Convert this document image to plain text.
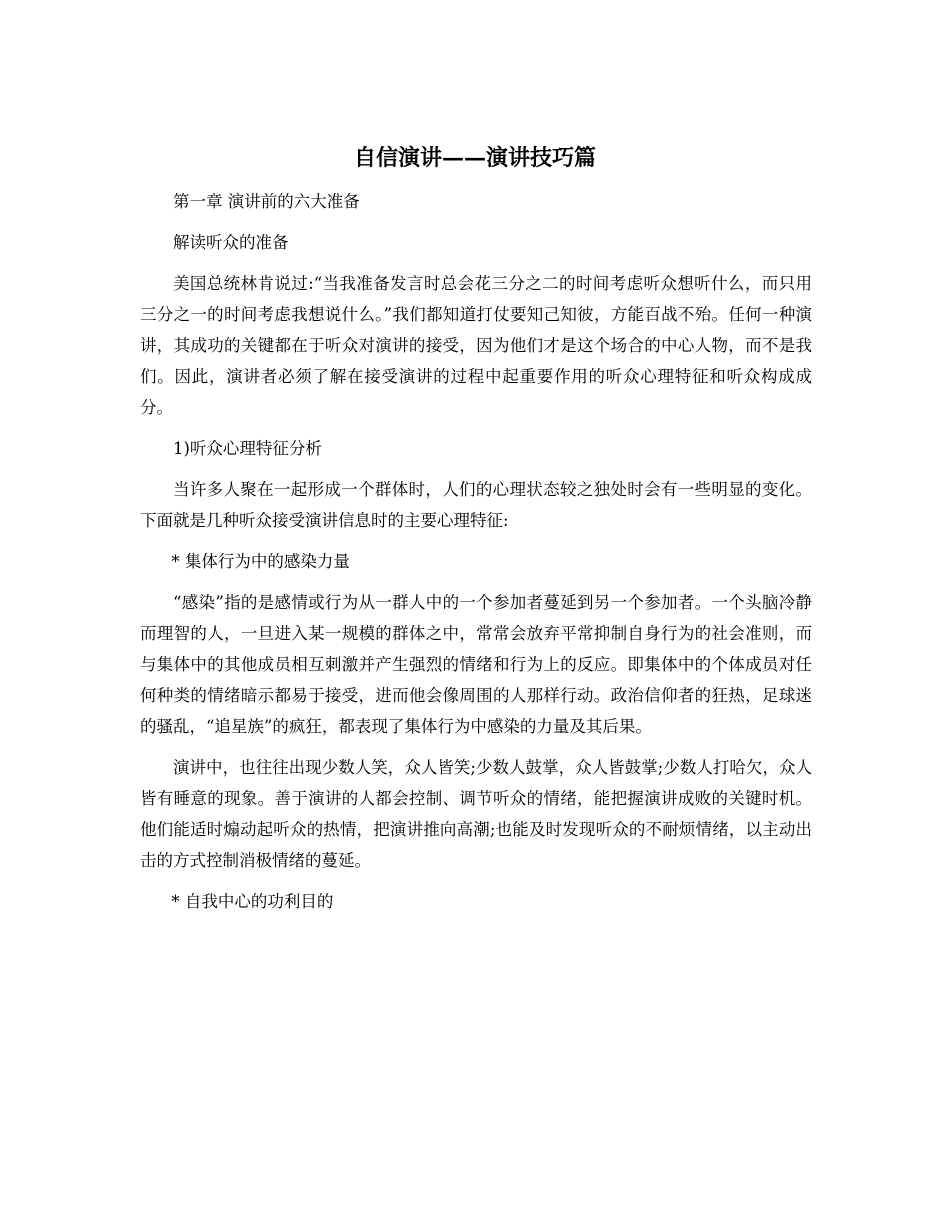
自信演讲——演讲技巧篇

第一章 演讲前的六大准备

解读听众的准备

美国总统林肯说过:“当我准备发言时总会花三分之二的时间考虑听众想听什么，而只用三分之一的时间考虑我想说什么。”我们都知道打仗要知己知彼，方能百战不殆。任何一种演讲，其成功的关键都在于听众对演讲的接受，因为他们才是这个场合的中心人物，而不是我们。因此，演讲者必须了解在接受演讲的过程中起重要作用的听众心理特征和听众构成成分。

1)听众心理特征分析

当许多人聚在一起形成一个群体时，人们的心理状态较之独处时会有一些明显的变化。下面就是几种听众接受演讲信息时的主要心理特征:

* 集体行为中的感染力量

“感染”指的是感情或行为从一群人中的一个参加者蔓延到另一个参加者。一个头脑冷静而理智的人，一旦进入某一规模的群体之中，常常会放弃平常抑制自身行为的社会准则，而与集体中的其他成员相互刺激并产生强烈的情绪和行为上的反应。即集体中的个体成员对任何种类的情绪暗示都易于接受，进而他会像周围的人那样行动。政治信仰者的狂热，足球迷的骚乱，“追星族”的疯狂，都表现了集体行为中感染的力量及其后果。

演讲中，也往往出现少数人笑，众人皆笑;少数人鼓掌，众人皆鼓掌;少数人打哈欠，众人皆有睡意的现象。善于演讲的人都会控制、调节听众的情绪，能把握演讲成败的关键时机。他们能适时煽动起听众的热情，把演讲推向高潮;也能及时发现听众的不耐烦情绪，以主动出击的方式控制消极情绪的蔓延。

* 自我中心的功利目的
